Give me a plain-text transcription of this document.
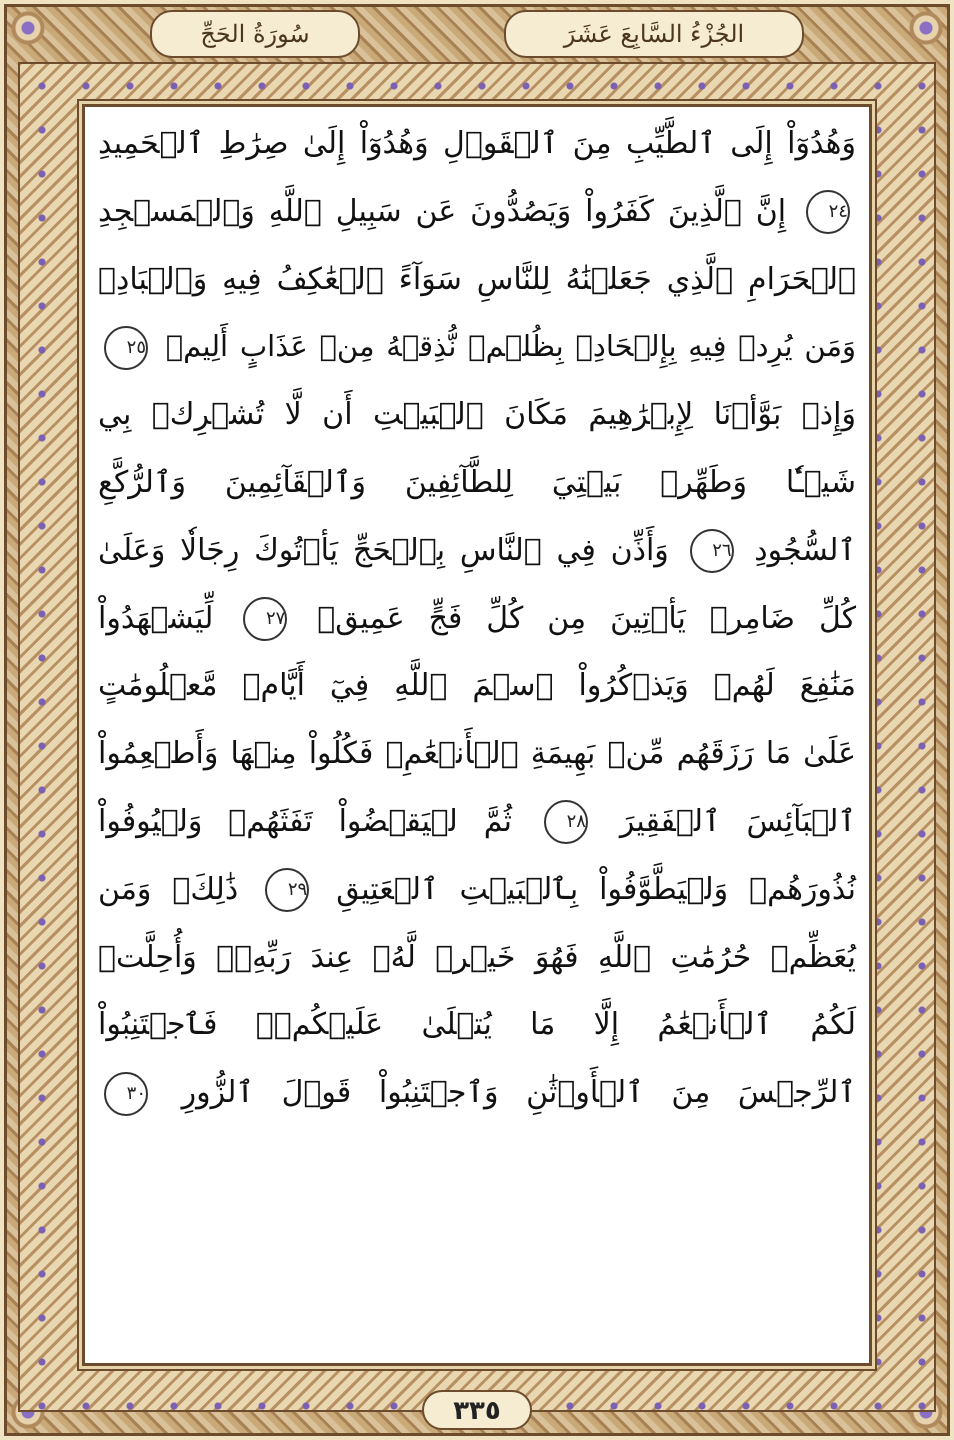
الجُزْءُ السَّابِعَ عَشَرَ
سُورَةُ الحَجِّ
وَهُدُوٓاْ إِلَى ٱلطَّيِّبِ مِنَ ٱلۡقَوۡلِ وَهُدُوٓاْ إِلَىٰ صِرَٰطِ ٱلۡحَمِيدِ
٢٤ إِنَّ ٱلَّذِينَ كَفَرُواْ وَيَصُدُّونَ عَن سَبِيلِ ٱللَّهِ وَٱلۡمَسۡجِدِ
ٱلۡحَرَامِ ٱلَّذِي جَعَلۡنَٰهُ لِلنَّاسِ سَوَآءً ٱلۡعَٰكِفُ فِيهِ وَٱلۡبَادِۚ
وَمَن يُرِدۡ فِيهِ بِإِلۡحَادِۭ بِظُلۡمٖ نُّذِقۡهُ مِنۡ عَذَابٍ أَلِيمٖ ٢٥
وَإِذۡ بَوَّأۡنَا لِإِبۡرَٰهِيمَ مَكَانَ ٱلۡبَيۡتِ أَن لَّا تُشۡرِكۡ بِي
شَيۡـٔٗا وَطَهِّرۡ بَيۡتِيَ لِلطَّآئِفِينَ وَٱلۡقَآئِمِينَ وَٱلرُّكَّعِ
ٱلسُّجُودِ ٢٦ وَأَذِّن فِي ٱلنَّاسِ بِٱلۡحَجِّ يَأۡتُوكَ رِجَالٗا وَعَلَىٰ
كُلِّ ضَامِرٖ يَأۡتِينَ مِن كُلِّ فَجٍّ عَمِيقٖ ٢٧ لِّيَشۡهَدُواْ
مَنَٰفِعَ لَهُمۡ وَيَذۡكُرُواْ ٱسۡمَ ٱللَّهِ فِيٓ أَيَّامٖ مَّعۡلُومَٰتٍ
عَلَىٰ مَا رَزَقَهُم مِّنۢ بَهِيمَةِ ٱلۡأَنۡعَٰمِۖ فَكُلُواْ مِنۡهَا وَأَطۡعِمُواْ
ٱلۡبَآئِسَ ٱلۡفَقِيرَ ٢٨ ثُمَّ لۡيَقۡضُواْ تَفَثَهُمۡ وَلۡيُوفُواْ
نُذُورَهُمۡ وَلۡيَطَّوَّفُواْ بِٱلۡبَيۡتِ ٱلۡعَتِيقِ ٢٩ ذَٰلِكَۖ وَمَن
يُعَظِّمۡ حُرُمَٰتِ ٱللَّهِ فَهُوَ خَيۡرٞ لَّهُۥ عِندَ رَبِّهِۦۗ وَأُحِلَّتۡ
لَكُمُ ٱلۡأَنۡعَٰمُ إِلَّا مَا يُتۡلَىٰ عَلَيۡكُمۡۖ فَٱجۡتَنِبُواْ
ٱلرِّجۡسَ مِنَ ٱلۡأَوۡثَٰنِ وَٱجۡتَنِبُواْ قَوۡلَ ٱلزُّورِ ٣٠
٣٣٥
